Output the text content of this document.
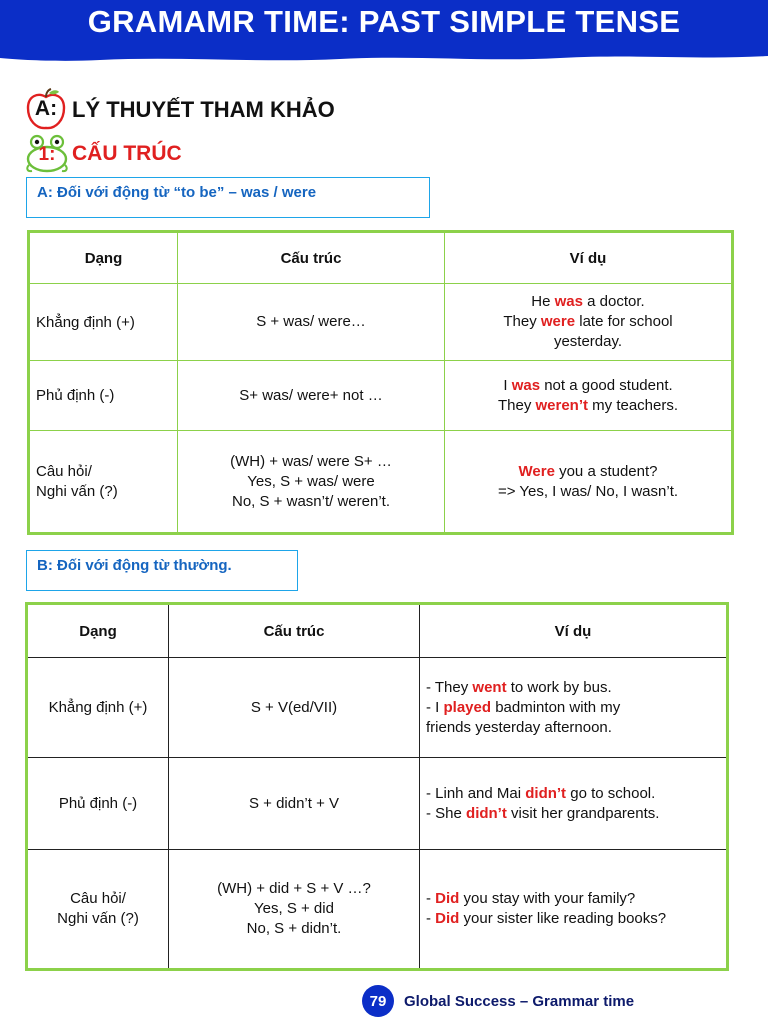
GRAMAMR TIME: PAST SIMPLE TENSE
A: LÝ THUYẾT THAM KHẢO
1: CẤU TRÚC
A: Đối với động từ “to be” – was / were
Dạng	Cấu trúc	Ví dụ
Khẳng định (+)	S + was/ were…	He was a doctor.
They were late for school
yesterday.

Phủ định (-)	S+ was/ were+ not …	I was not a good student.
They weren’t my teachers.

Câu hỏi/
Nghi vấn (?)	(WH) + was/ were S+ …
Yes, S + was/ were
No, S + wasn’t/ weren’t.	Were you a student?
=> Yes, I was/ No, I wasn’t.
B: Đối với động từ thường.
Dạng	Cấu trúc	Ví dụ
Khẳng định (+)	S + V(ed/VII)	- They went to work by bus.
- I played badminton with my
friends yesterday afternoon.

Phủ định (-)	S + didn’t + V	- Linh and Mai didn’t go to school.
- She didn’t visit her grandparents.

Câu hỏi/
Nghi vấn (?)	(WH) + did + S + V …?
Yes, S + did
No, S + didn’t.	- Did you stay with your family?
- Did your sister like reading books?
79	Global Success – Grammar time
